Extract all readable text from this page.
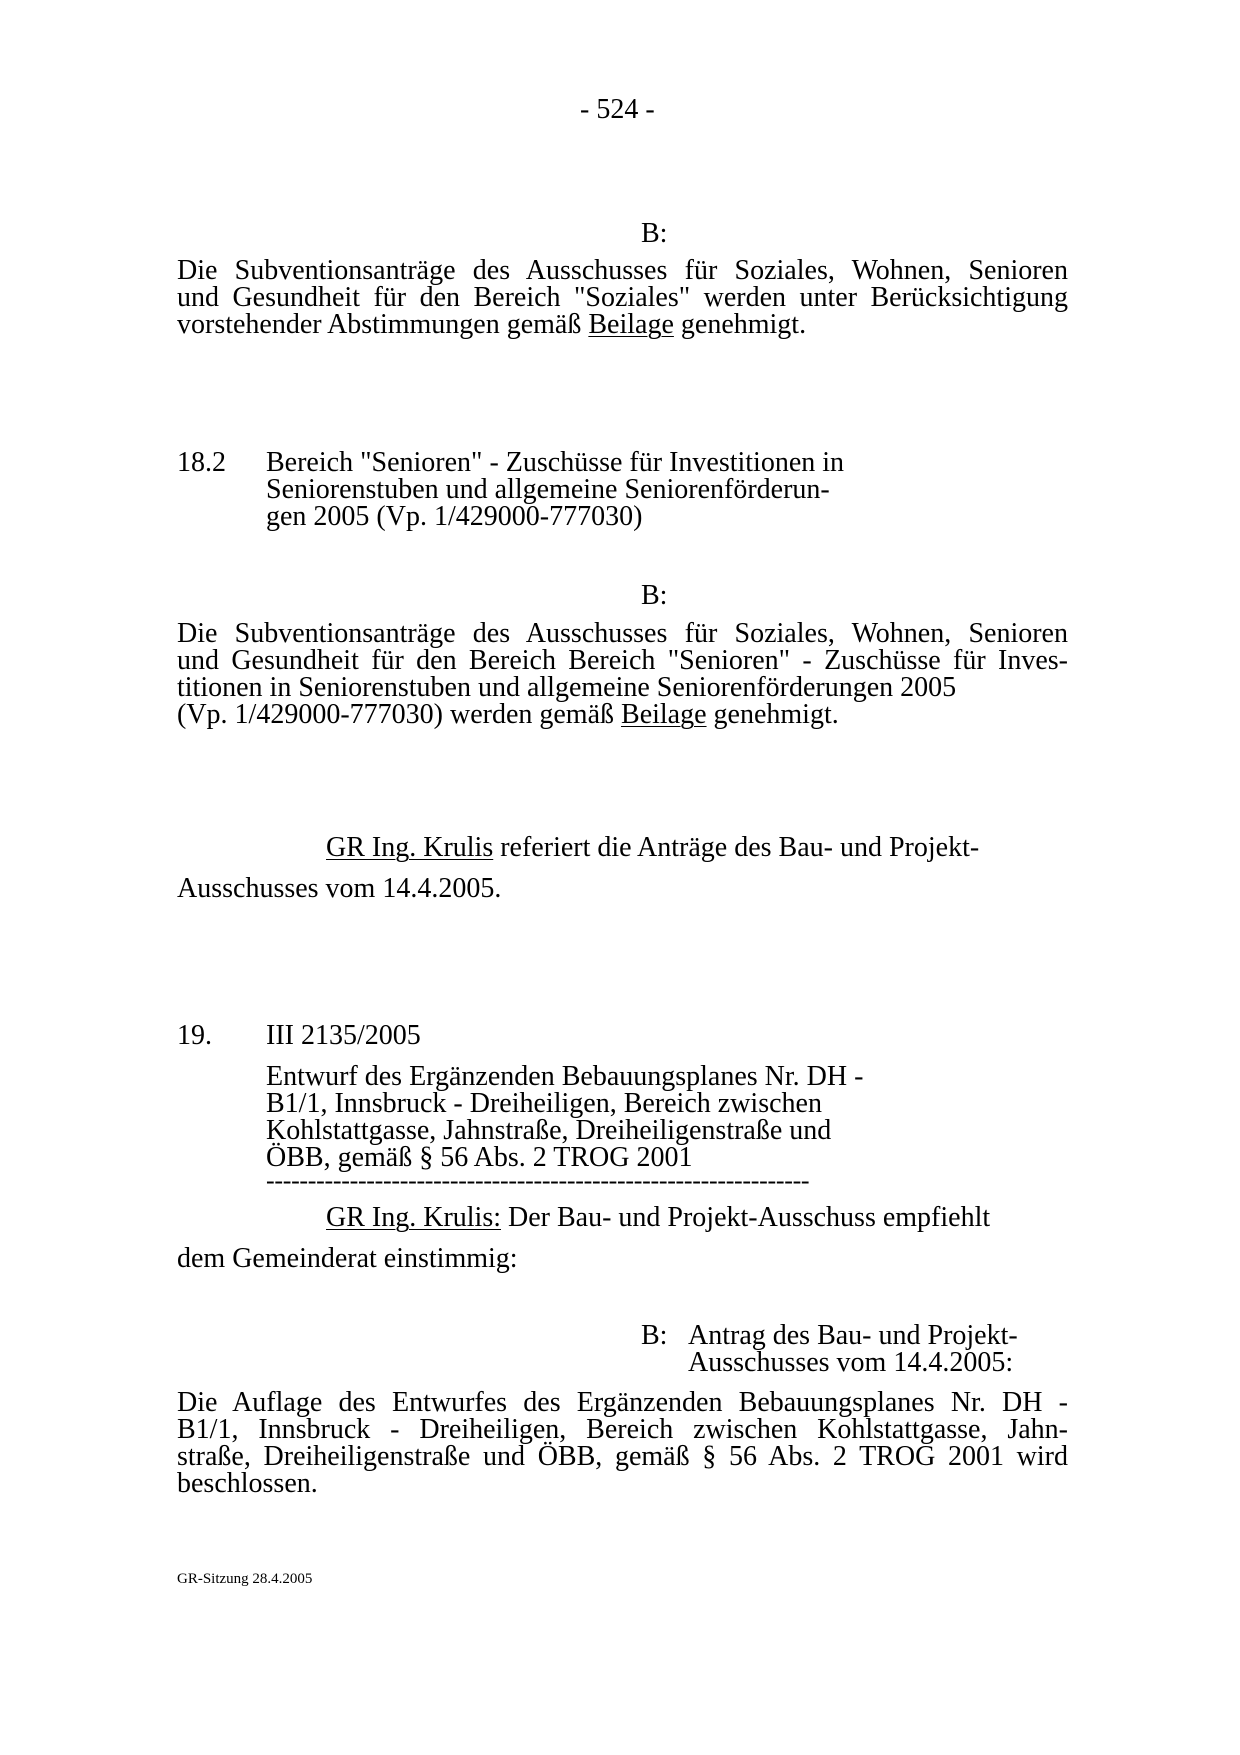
- 524 -
B:
Die Subventionsanträge des Ausschusses für Soziales, Wohnen, Senioren
und Gesundheit für den Bereich "Soziales" werden unter Berücksichtigung
vorstehender Abstimmungen gemäß Beilage genehmigt.
18.2 Bereich "Senioren" - Zuschüsse für Investitionen in
Seniorenstuben und allgemeine Seniorenförderun-
gen 2005 (Vp. 1/429000-777030)
B:
Die Subventionsanträge des Ausschusses für Soziales, Wohnen, Senioren
und Gesundheit für den Bereich Bereich "Senioren" - Zuschüsse für Inves-
titionen in Seniorenstuben und allgemeine Seniorenförderungen 2005
(Vp. 1/429000-777030) werden gemäß Beilage genehmigt.
GR Ing. Krulis referiert die Anträge des Bau- und Projekt-
Ausschusses vom 14.4.2005.
19. III 2135/2005
Entwurf des Ergänzenden Bebauungsplanes Nr. DH -
B1/1, Innsbruck - Dreiheiligen, Bereich zwischen
Kohlstattgasse, Jahnstraße, Dreiheiligenstraße und
ÖBB, gemäß § 56 Abs. 2 TROG 2001
-----------------------------------------------------------------
GR Ing. Krulis: Der Bau- und Projekt-Ausschuss empfiehlt
dem Gemeinderat einstimmig:
B: Antrag des Bau- und Projekt-
Ausschusses vom 14.4.2005:
Die Auflage des Entwurfes des Ergänzenden Bebauungsplanes Nr. DH -
B1/1, Innsbruck - Dreiheiligen, Bereich zwischen Kohlstattgasse, Jahn-
straße, Dreiheiligenstraße und ÖBB, gemäß § 56 Abs. 2 TROG 2001 wird
beschlossen.
GR-Sitzung 28.4.2005
